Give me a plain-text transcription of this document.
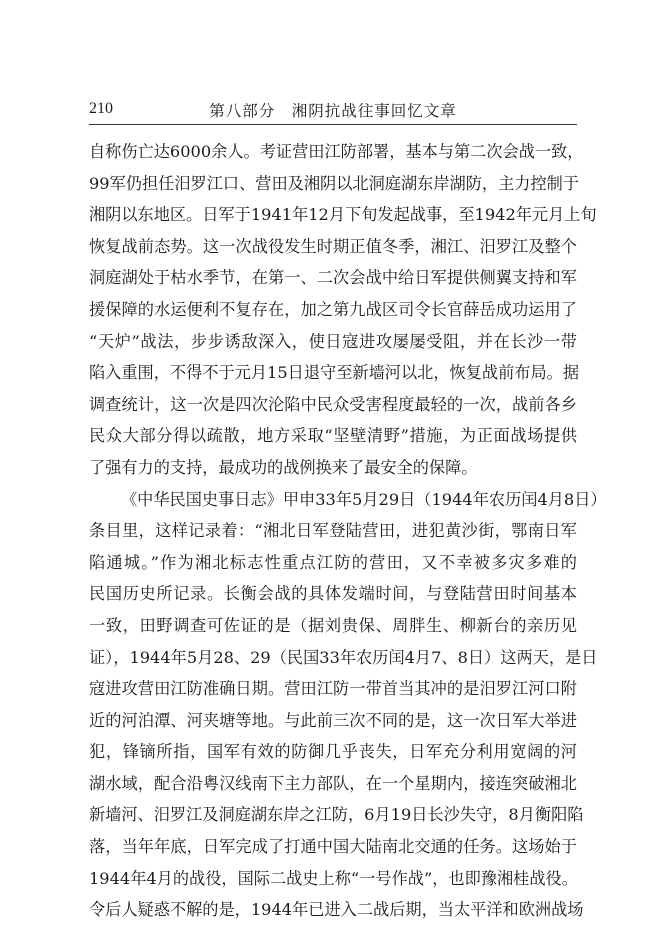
210	第八部分　湘阴抗战往事回忆文章
自称伤亡达6000余人。考证营田江防部署，基本与第二次会战一致，
99军仍担任汨罗江口、营田及湘阴以北洞庭湖东岸湖防，主力控制于
湘阴以东地区。日军于1941年12月下旬发起战事，至1942年元月上旬
恢复战前态势。这一次战役发生时期正值冬季，湘江、汨罗江及整个
洞庭湖处于枯水季节，在第一、二次会战中给日军提供侧翼支持和军
援保障的水运便利不复存在，加之第九战区司令长官薛岳成功运用了
“天炉”战法，步步诱敌深入，使日寇进攻屡屡受阻，并在长沙一带
陷入重围，不得不于元月15日退守至新墙河以北，恢复战前布局。据
调查统计，这一次是四次沦陷中民众受害程度最轻的一次，战前各乡
民众大部分得以疏散，地方采取“坚壁清野”措施，为正面战场提供
了强有力的支持，最成功的战例换来了最安全的保障。
《中华民国史事日志》甲申33年5月29日（1944年农历闰4月8日）
条目里，这样记录着：“湘北日军登陆营田，进犯黄沙街，鄂南日军
陷通城。”作为湘北标志性重点江防的营田，又不幸被多灾多难的
民国历史所记录。长衡会战的具体发端时间，与登陆营田时间基本
一致，田野调查可佐证的是（据刘贵保、周胖生、柳新台的亲历见
证），1944年5月28、29（民国33年农历闰4月7、8日）这两天，是日
寇进攻营田江防准确日期。营田江防一带首当其冲的是汨罗江河口附
近的河泊潭、河夹塘等地。与此前三次不同的是，这一次日军大举进
犯，锋镝所指，国军有效的防御几乎丧失，日军充分利用宽阔的河
湖水域，配合沿粤汉线南下主力部队，在一个星期内，接连突破湘北
新墙河、汨罗江及洞庭湖东岸之江防，6月19日长沙失守，8月衡阳陷
落，当年年底，日军完成了打通中国大陆南北交通的任务。这场始于
1944年4月的战役，国际二战史上称“一号作战”，也即豫湘桂战役。
令后人疑惑不解的是，1944年已进入二战后期，当太平洋和欧洲战场
